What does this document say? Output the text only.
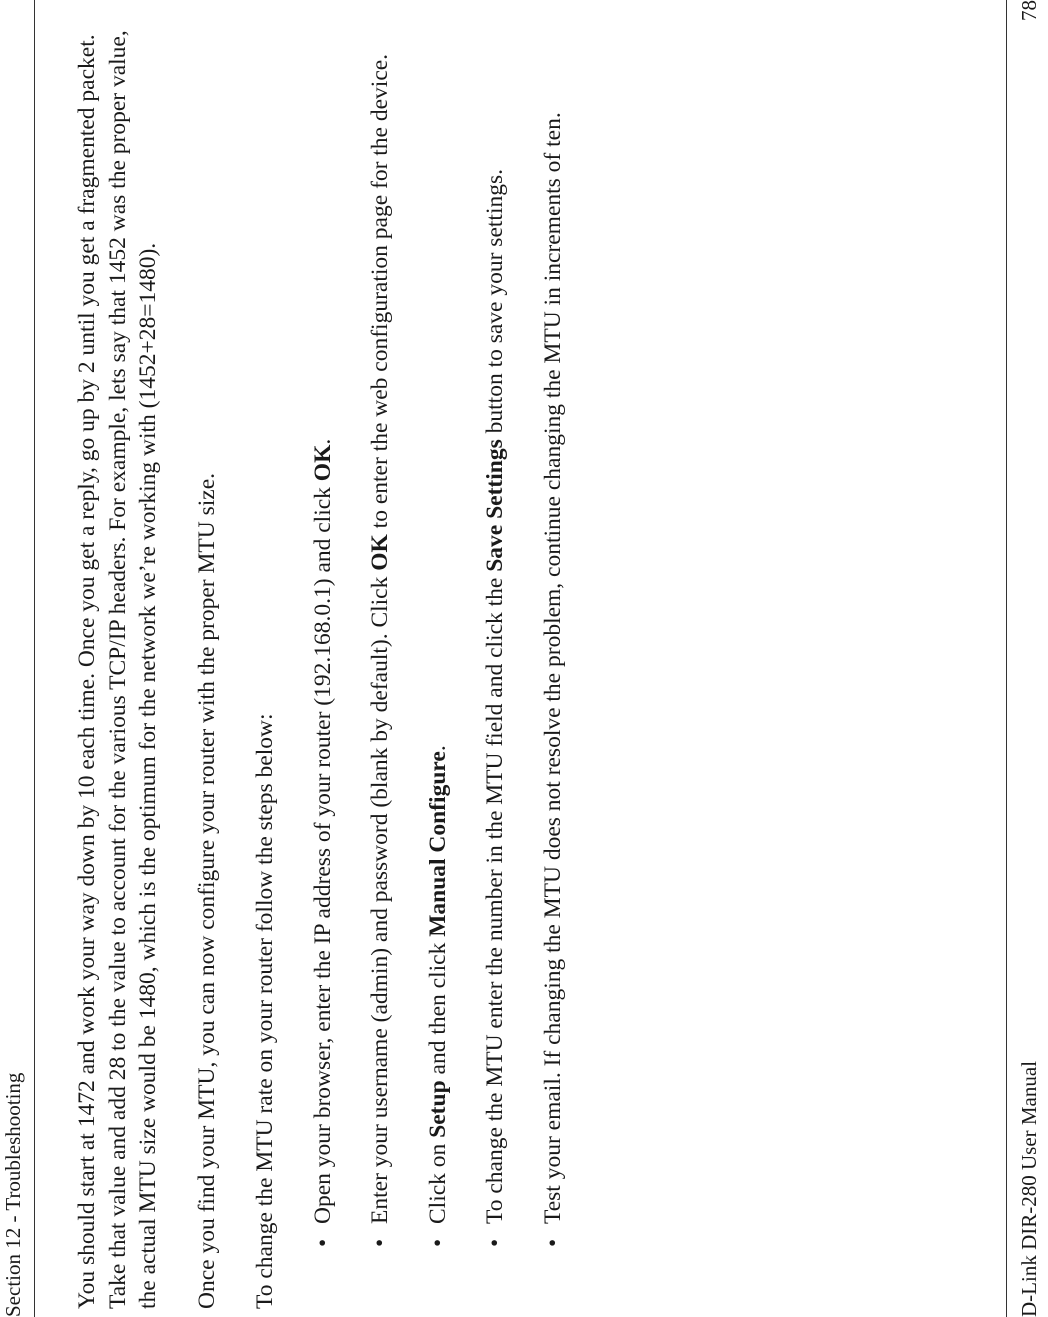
Section 12 - Troubleshooting You should start at 1472 and work your way down by 10 each time. Once you get a reply, go up by 2 until you get a fragmented packet. Take that value and add 28 to the value to account for the various TCP/IP headers. For example, lets say that 1452 was the proper value, the actual MTU size would be 1480, which is the optimum for the network we’re working with (1452+28=1480). Once you find your MTU, you can now configure your router with the proper MTU size. To change the MTU rate on your router follow the steps below: •
Open your browser, enter the IP address of your router (192.168.0.1) and click OK.
•
Enter your username (admin) and password (blank by default). Click OK to enter the web configuration page for the device.
•
Click on Setup and then click Manual Configure.
•
To change the MTU enter the number in the MTU field and click the Save Settings button to save your settings.
•
Test your email. If changing the MTU does not resolve the problem, continue changing the MTU in increments of ten.	D-Link DIR-280 User Manual
78
